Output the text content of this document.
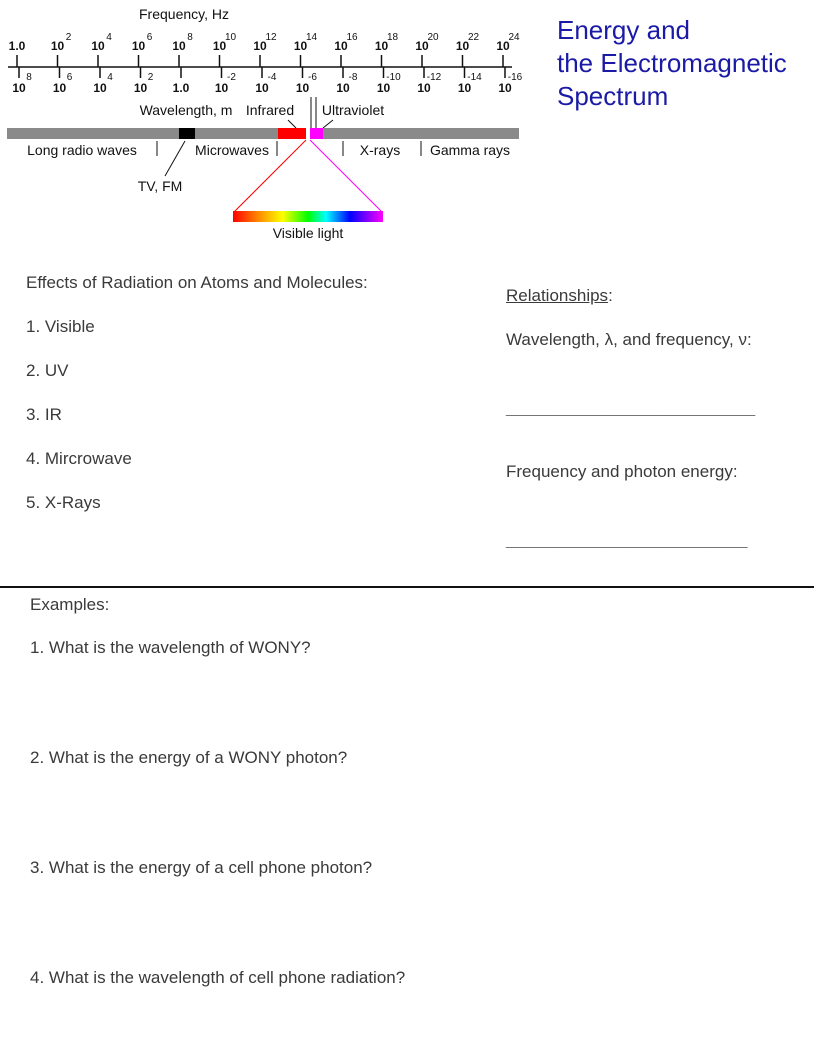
Energy and
the Electromagnetic
Spectrum
Frequency, Hz
1.0 10
2
10
4
10
6
10
8
10
10
10
12
10
14
10
16
10
18
10
20
10
22
10
24
10
8
10
6
10
4
10
2
1.0 10
-2
10
-4
10
-6
10
-8
10
-10
10
-12
10
-14
10
-16
Wavelength, m Infrared Ultraviolet
Long radio waves	Microwaves	X-rays Gamma rays
TV, FM
Visible light
Effects of Radiation on Atoms and Molecules:
1. Visible
2. UV
3. IR
4. Mircrowave
5. X-Rays
Relationships:
Wavelength, λ, and frequency, ν:
________________________________
Frequency and photon energy:
_______________________________
Examples:
1. What is the wavelength of WONY?
2. What is the energy of a WONY photon?
3. What is the energy of a cell phone photon?
4. What is the wavelength of cell phone radiation?
